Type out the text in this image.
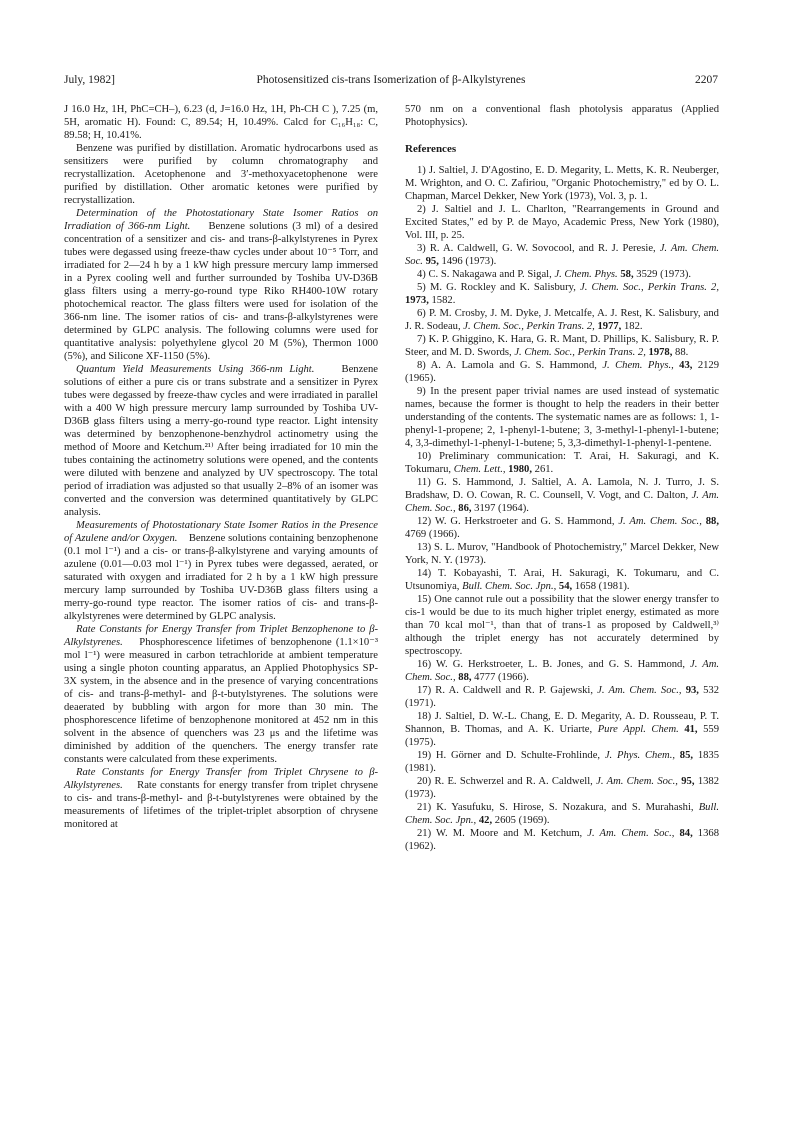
July, 1982]	Photosensitized cis-trans Isomerization of β-Alkylstyrenes	2207

J 16.0 Hz, 1H, PhC=CH–), 6.23 (d, J=16.0 Hz, 1H, Ph-CH C ), 7.25 (m, 5H, aromatic H). Found: C, 89.54; H, 10.49%. Calcd for C₁₆H₁₈: C, 89.58; H, 10.41%.

Benzene was purified by distillation. Aromatic hydrocarbons used as sensitizers were purified by column chromatography and recrystallization. Acetophenone and 3′-methoxyacetophenone were purified by distillation. Other aromatic ketones were purified by recrystallization.

Determination of the Photostationary State Isomer Ratios on Irradiation of 366-nm Light. Benzene solutions (3 ml) of a desired concentration of a sensitizer and cis- and trans-β-alkylstyrenes in Pyrex tubes were degassed using freeze-thaw cycles under about 10⁻⁵ Torr, and irradiated for 2—24 h by a 1 kW high pressure mercury lamp immersed in a Pyrex cooling well and further surrounded by Toshiba UV-D36B glass filters using a merry-go-round type Riko RH400-10W rotary photochemical reactor. The glass filters were used for isolation of the 366-nm line. The isomer ratios of cis- and trans-β-alkylstyrenes were determined by GLPC analysis. The following columns were used for quantitative analysis: polyethylene glycol 20 M (5%), Thermon 1000 (5%), and Silicone XF-1150 (5%).

Quantum Yield Measurements Using 366-nm Light.	Benzene solutions of either a pure cis or trans substrate and a sensitizer in Pyrex tubes were degassed by freeze-thaw cycles and were irradiated in parallel with a 400 W high pressure mercury lamp surrounded by Toshiba UV-D36B glass filters using a merry-go-round type reactor. Light intensity was determined by benzophenone-benzhydrol actinometry using the method of Moore and Ketchum.²¹⁾ After being irradiated for 10 min the tubes containing the actinometry solutions were opened, and the contents were diluted with benzene and analyzed by UV spectroscopy. The total period of irradiation was adjusted so that usually 2–8% of an isomer was converted and the conversion was determined quantitatively by GLPC analysis.

Measurements of Photostationary State Isomer Ratios in the Presence of Azulene and/or Oxygen. Benzene solutions containing benzophenone (0.1 mol l⁻¹) and a cis- or trans-β-alkylstyrene and varying amounts of azulene (0.01—0.03 mol l⁻¹) in Pyrex tubes were degassed, aerated, or saturated with oxygen and irradiated for 2 h by a 1 kW high pressure mercury lamp surrounded by Toshiba UV-D36B glass filters using a merry-go-round type reactor. The isomer ratios of cis- and trans-β-alkylstyrenes were determined by GLPC analysis.

Rate Constants for Energy Transfer from Triplet Benzophenone to β-Alkylstyrenes. Phosphorescence lifetimes of benzophenone (1.1×10⁻³ mol l⁻¹) were measured in carbon tetrachloride at ambient temperature using a single photon counting apparatus, an Applied Photophysics SP-3X system, in the absence and in the presence of varying concentrations of cis- and trans-β-methyl- and β-t-butylstyrenes. The solutions were deaerated by bubbling with argon for more than 30 min. The phosphorescence lifetime of benzophenone monitored at 452 nm in this solvent in the absence of quenchers was 23 μs and the lifetime was diminished by addition of the quenchers. The energy transfer rate constants were calculated from these experiments.

Rate Constants for Energy Transfer from Triplet Chrysene to β-Alkylstyrenes. Rate constants for energy transfer from triplet chrysene to cis- and trans-β-methyl- and β-t-butylstyrenes were obtained by the measurements of lifetimes of the triplet-triplet absorption of chrysene monitored at

570 nm on a conventional flash photolysis apparatus (Applied Photophysics).

References

1) J. Saltiel, J. D'Agostino, E. D. Megarity, L. Metts, K. R. Neuberger, M. Wrighton, and O. C. Zafiriou, "Organic Photochemistry," ed by O. L. Chapman, Marcel Dekker, New York (1973), Vol. 3, p. 1.

2) J. Saltiel and J. L. Charlton, "Rearrangements in Ground and Excited States," ed by P. de Mayo, Academic Press, New York (1980), Vol. III, p. 25.

3) R. A. Caldwell, G. W. Sovocool, and R. J. Peresie, J. Am. Chem. Soc. 95, 1496 (1973).

4) C. S. Nakagawa and P. Sigal, J. Chem. Phys. 58, 3529 (1973).

5) M. G. Rockley and K. Salisbury, J. Chem. Soc., Perkin Trans. 2, 1973, 1582.

6) P. M. Crosby, J. M. Dyke, J. Metcalfe, A. J. Rest, K. Salisbury, and J. R. Sodeau, J. Chem. Soc., Perkin Trans. 2, 1977, 182.

7) K. P. Ghiggino, K. Hara, G. R. Mant, D. Phillips, K. Salisbury, R. P. Steer, and M. D. Swords, J. Chem. Soc., Perkin Trans. 2, 1978, 88.

8) A. A. Lamola and G. S. Hammond, J. Chem. Phys., 43, 2129 (1965).

9) In the present paper trivial names are used instead of systematic names, because the former is thought to help the readers in their better understanding of the contents. The systematic names are as follows: 1, 1-phenyl-1-propene; 2, 1-phenyl-1-butene; 3, 3-methyl-1-phenyl-1-butene; 4, 3,3-dimethyl-1-phenyl-1-butene; 5, 3,3-dimethyl-1-phenyl-1-pentene.

10) Preliminary communication: T. Arai, H. Sakuragi, and K. Tokumaru, Chem. Lett., 1980, 261.

11) G. S. Hammond, J. Saltiel, A. A. Lamola, N. J. Turro, J. S. Bradshaw, D. O. Cowan, R. C. Counsell, V. Vogt, and C. Dalton, J. Am. Chem. Soc., 86, 3197 (1964).

12) W. G. Herkstroeter and G. S. Hammond, J. Am. Chem. Soc., 88, 4769 (1966).

13) S. L. Murov, "Handbook of Photochemistry," Marcel Dekker, New York, N. Y. (1973).

14) T. Kobayashi, T. Arai, H. Sakuragi, K. Tokumaru, and C. Utsunomiya, Bull. Chem. Soc. Jpn., 54, 1658 (1981).

15) One cannot rule out a possibility that the slower energy transfer to cis-1 would be due to its much higher triplet energy, estimated as more than 70 kcal mol⁻¹, than that of trans-1 as proposed by Caldwell,³⁾ although the triplet energy has not accurately determined by spectroscopy.

16) W. G. Herkstroeter, L. B. Jones, and G. S. Hammond, J. Am. Chem. Soc., 88, 4777 (1966).

17) R. A. Caldwell and R. P. Gajewski, J. Am. Chem. Soc., 93, 532 (1971).

18) J. Saltiel, D. W.-L. Chang, E. D. Megarity, A. D. Rousseau, P. T. Shannon, B. Thomas, and A. K. Uriarte, Pure Appl. Chem. 41, 559 (1975).

19) H. Görner and D. Schulte-Frohlinde, J. Phys. Chem., 85, 1835 (1981).

20) R. E. Schwerzel and R. A. Caldwell, J. Am. Chem. Soc., 95, 1382 (1973).

21) K. Yasufuku, S. Hirose, S. Nozakura, and S. Murahashi, Bull. Chem. Soc. Jpn., 42, 2605 (1969).

21) W. M. Moore and M. Ketchum, J. Am. Chem. Soc., 84, 1368 (1962).
